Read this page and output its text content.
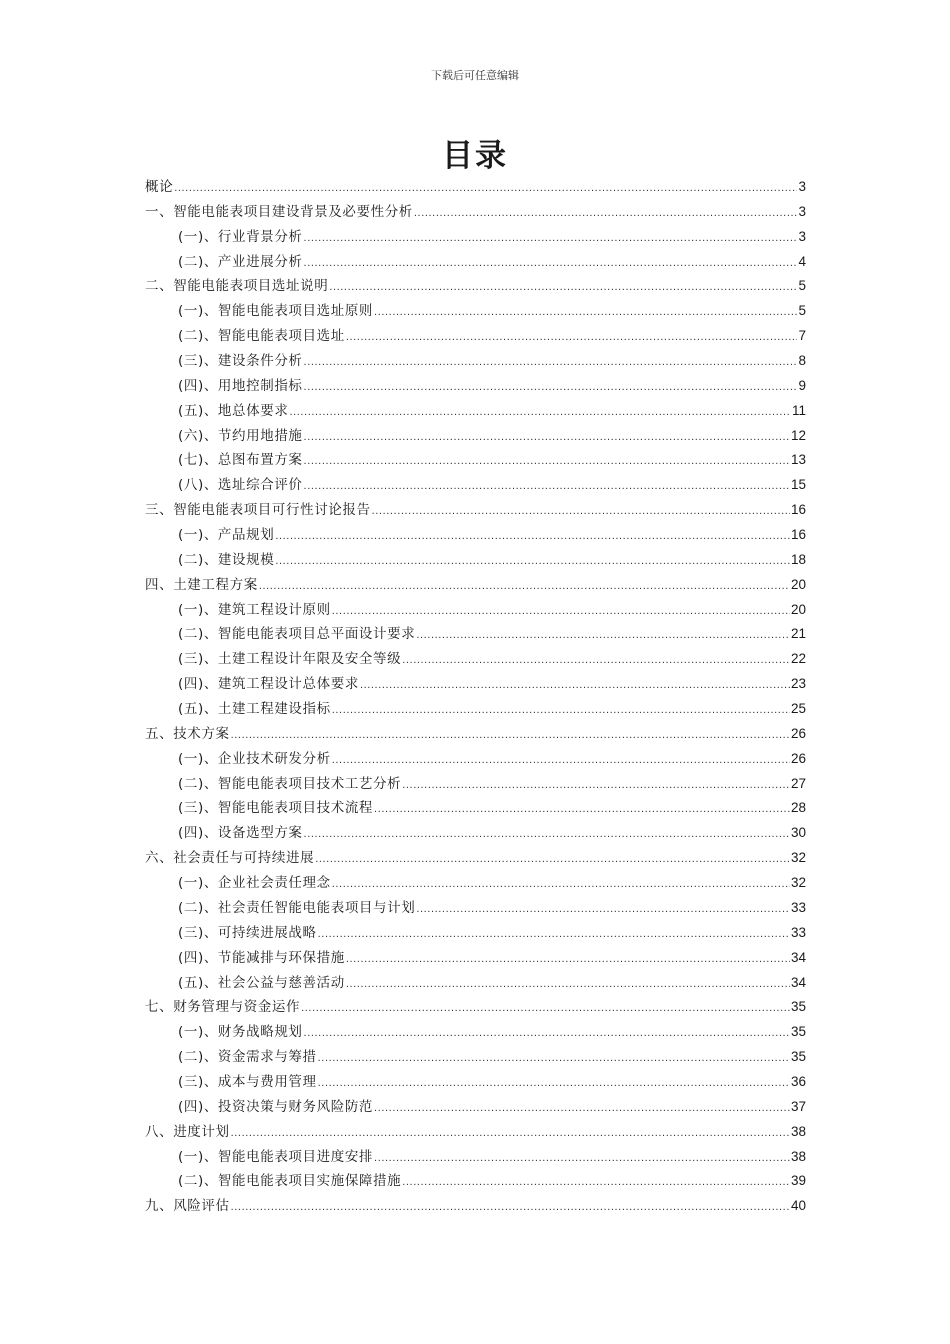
下载后可任意编辑
目录
概论 .....	3
一、智能电能表项目建设背景及必要性分析 .....	3
(一)、行业背景分析 .....	3
(二)、产业进展分析 .....	4
二、智能电能表项目选址说明 .....	5
(一)、智能电能表项目选址原则 .....	5
(二)、智能电能表项目选址 .....	7
(三)、建设条件分析 .....	8
(四)、用地控制指标 .....	9
(五)、地总体要求 .....	11
(六)、节约用地措施 .....	12
(七)、总图布置方案 .....	13
(八)、选址综合评价 .....	15
三、智能电能表项目可行性讨论报告 .....	16
(一)、产品规划 .....	16
(二)、建设规模 .....	18
四、土建工程方案 .....	20
(一)、建筑工程设计原则 .....	20
(二)、智能电能表项目总平面设计要求 .....	21
(三)、土建工程设计年限及安全等级 .....	22
(四)、建筑工程设计总体要求 .....	23
(五)、土建工程建设指标 .....	25
五、技术方案 .....	26
(一)、企业技术研发分析 .....	26
(二)、智能电能表项目技术工艺分析 .....	27
(三)、智能电能表项目技术流程 .....	28
(四)、设备选型方案 .....	30
六、社会责任与可持续进展 .....	32
(一)、企业社会责任理念 .....	32
(二)、社会责任智能电能表项目与计划 .....	33
(三)、可持续进展战略 .....	33
(四)、节能减排与环保措施 .....	34
(五)、社会公益与慈善活动 .....	34
七、财务管理与资金运作 .....	35
(一)、财务战略规划 .....	35
(二)、资金需求与筹措 .....	35
(三)、成本与费用管理 .....	36
(四)、投资决策与财务风险防范 .....	37
八、进度计划 .....	38
(一)、智能电能表项目进度安排 .....	38
(二)、智能电能表项目实施保障措施 .....	39
九、风险评估 .....	40
